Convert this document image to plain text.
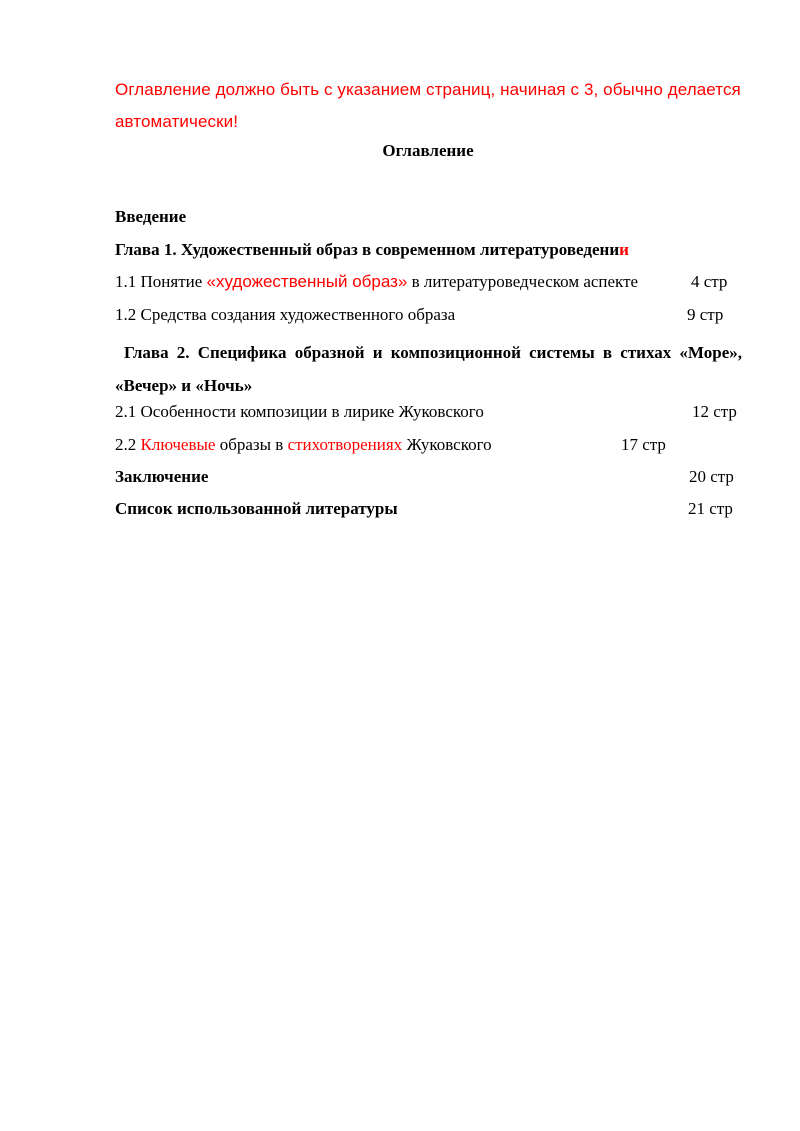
Оглавление должно быть с указанием страниц, начиная с 3, обычно делается
автоматически!
Оглавление
Введение
Глава 1. Художественный образ в современном литературоведении
1.1 Понятие «художественный образ» в литературоведческом аспекте	4 стр
1.2 Средства создания художественного образа	9 стр
Глава 2. Специфика образной и композиционной системы в стихах «Море», «Вечер» и «Ночь»
2.1 Особенности композиции в лирике Жуковского	12 стр
2.2 Ключевые образы в стихотворениях Жуковского	17 стр
Заключение	20 стр
Список использованной литературы	21 стр
